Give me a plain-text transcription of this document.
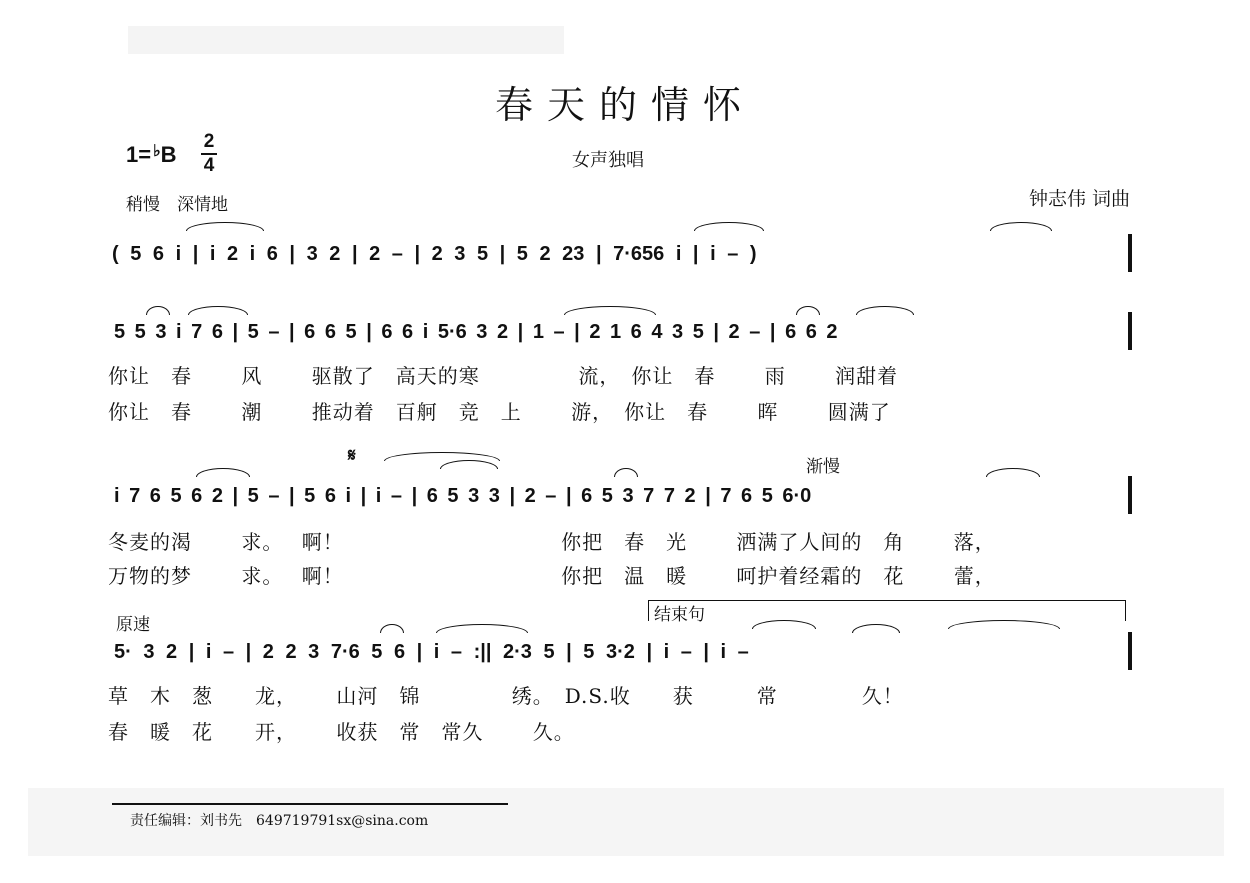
春天的情怀
1= ♭B
2
4	女声独唱
稍慢　深情地	钟志伟 词曲
( 5 6 i | i 2 i 6 | 3 2 | 2 – | 2 3 5 | 5 2 23 | 7·656 i | i – )
5 5 3 i 7 6 | 5 – | 6 6 5 | 6 6 i 5·6 3 2 | 1 – | 2 1 6 4 3 5 | 2 – | 6 6 2
你让　春　　 风　　 驱散了　高天的寒　　 　　 流，　你让　春　　 雨　　 润甜着
你让　春　　 潮　　 推动着　百舸　竞　上　　 游，　你让　春　　 晖　　 圆满了
𝄋
渐慢
i 7 6 5 6 2 | 5 – | 5 6 i | i – | 6 5 3 3 | 2 – | 6 5 3 7 7 2 | 7 6 5 6·0
冬麦的渴　　 求。　 啊！　　　　　　　　　　 你把　春　光　　 洒满了人间的　角　　 落，
万物的梦　　 求。　 啊！　　　　　　　　　　 你把　温　暖　　 呵护着经霜的　花　　 蕾，
原速	结束句
5· 3 2 | i – | 2 2 3 7·6 5 6 | i – :|| 2·3 5 | 5 3·2 | i – | i –
草　木　葱　　龙，　　 山河　锦　　　　 绣。　D.S.收　　获　　　常　　　　久！
春　暖　花　　开，　　 收获　常　常久　　 久。
责任编辑：刘书先　649719791sx@sina.com
